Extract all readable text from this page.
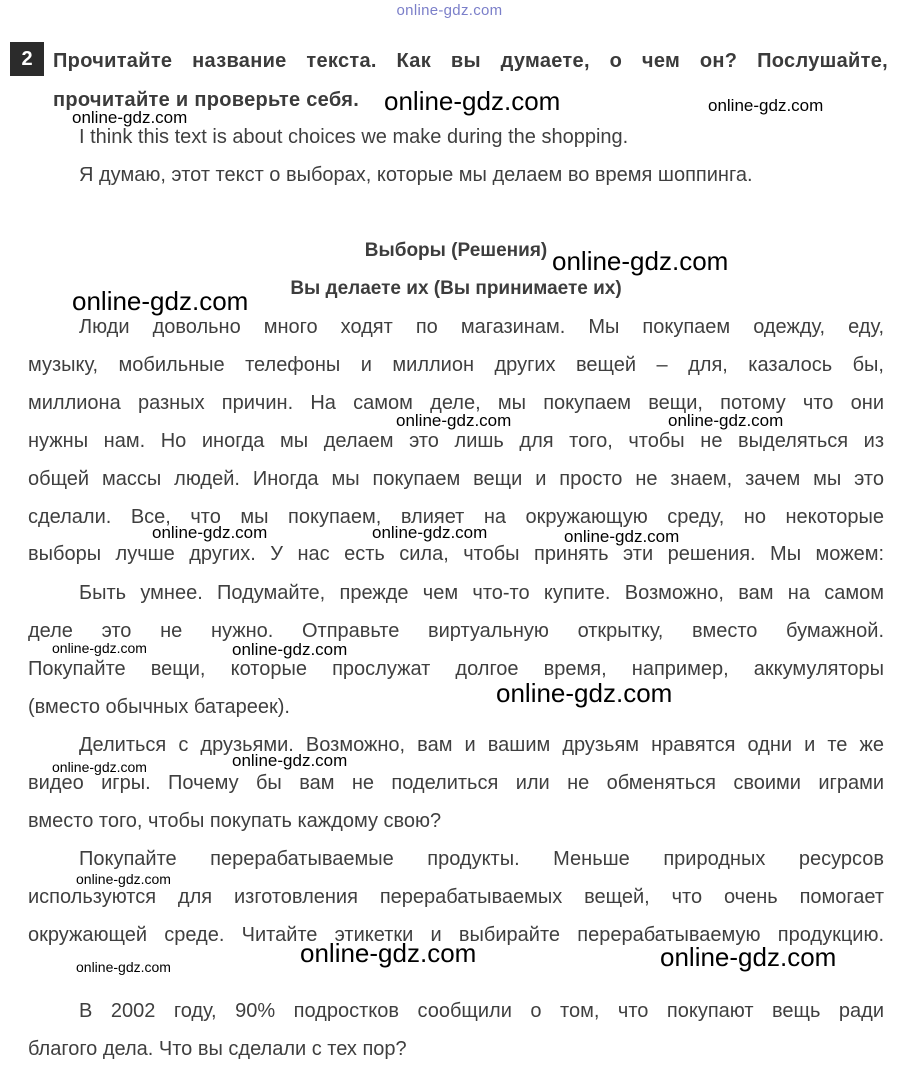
online-gdz.com
2	Прочитайте название текста. Как вы думаете, о чем он? Послушайте,
прочитайте и проверьте себя.
I think this text is about choices we make during the shopping.
Я думаю, этот текст о выборах, которые мы делаем во время шоппинга.
Выборы (Решения)
Вы делаете их (Вы принимаете их)
Люди довольно много ходят по магазинам. Мы покупаем одежду, еду,
музыку, мобильные телефоны и миллион других вещей – для, казалось бы,
миллиона разных причин. На самом деле, мы покупаем вещи, потому что они
нужны нам. Но иногда мы делаем это лишь для того, чтобы не выделяться из
общей массы людей. Иногда мы покупаем вещи и просто не знаем, зачем мы это
сделали. Все, что мы покупаем, влияет на окружающую среду, но некоторые
выборы лучше других. У нас есть сила, чтобы принять эти решения. Мы можем:
Быть умнее. Подумайте, прежде чем что-то купите. Возможно, вам на самом
деле это не нужно. Отправьте виртуальную открытку, вместо бумажной.
Покупайте вещи, которые прослужат долгое время, например, аккумуляторы
(вместо обычных батареек).
Делиться с друзьями. Возможно, вам и вашим друзьям нравятся одни и те же
видео игры. Почему бы вам не поделиться или не обменяться своими играми
вместо того, чтобы покупать каждому свою?
Покупайте перерабатываемые продукты. Меньше природных ресурсов
используются для изготовления перерабатываемых вещей, что очень помогает
окружающей среде. Читайте этикетки и выбирайте перерабатываемую продукцию.
В 2002 году, 90% подростков сообщили о том, что покупают вещь ради
благого дела. Что вы сделали с тех пор?
online-gdz.com	online-gdz.com
online-gdz.com
online-gdz.com
online-gdz.com
online-gdz.com	online-gdz.com
online-gdz.com	online-gdz.com	online-gdz.com
online-gdz.com	online-gdz.com
online-gdz.com
online-gdz.com	online-gdz.com
online-gdz.com
online-gdz.com	online-gdz.com
online-gdz.com
